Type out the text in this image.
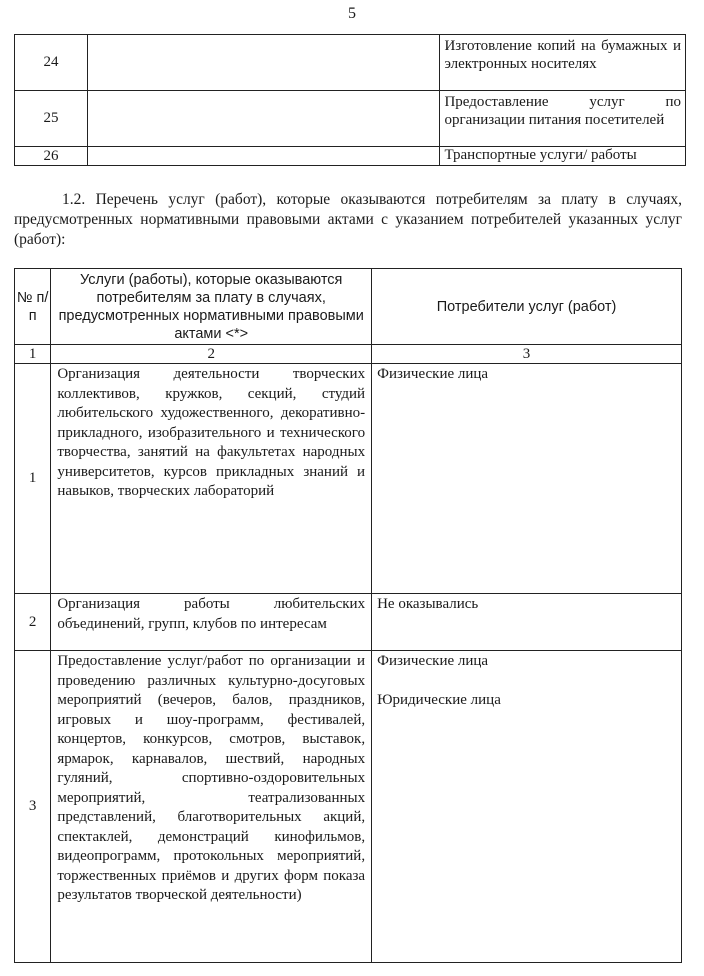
5
24		Изготовление копий на бумажных и электронных носителях
25		Предоставление услуг по организации питания посетителей
26		Транспортные услуги/ работы
1.2. Перечень услуг (работ), которые оказываются потребителям за плату в случаях, предусмотренных нормативными правовыми актами с указанием потребителей указанных услуг (работ):
№ п/п	Услуги (работы), которые оказываются потребителям за плату в случаях, предусмотренных нормативными правовыми актами <*>	Потребители услуг (работ)
1	2	3
1	Организация деятельности творческих коллективов, кружков, секций, студий любительского художественного, декоративно-прикладного, изобразительного и технического творчества, занятий на факультетах народных университетов, курсов прикладных знаний и навыков, творческих лабораторий	Физические лица

2	Организация работы любительских объединений, групп, клубов по интересам	Не оказывались

3	Предоставление услуг/работ по организации и проведению различных культурно-досуговых мероприятий (вечеров, балов, праздников, игровых и шоу-программ, фестивалей, концертов, конкурсов, смотров, выставок, ярмарок, карнавалов, шествий, народных гуляний, спортивно-оздоровительных мероприятий, театрализованных представлений, благотворительных акций, спектаклей, демонстраций кинофильмов, видеопрограмм, протокольных мероприятий, торжественных приёмов и других форм показа результатов творческой деятельности)	Физические лица
Юридические лица
